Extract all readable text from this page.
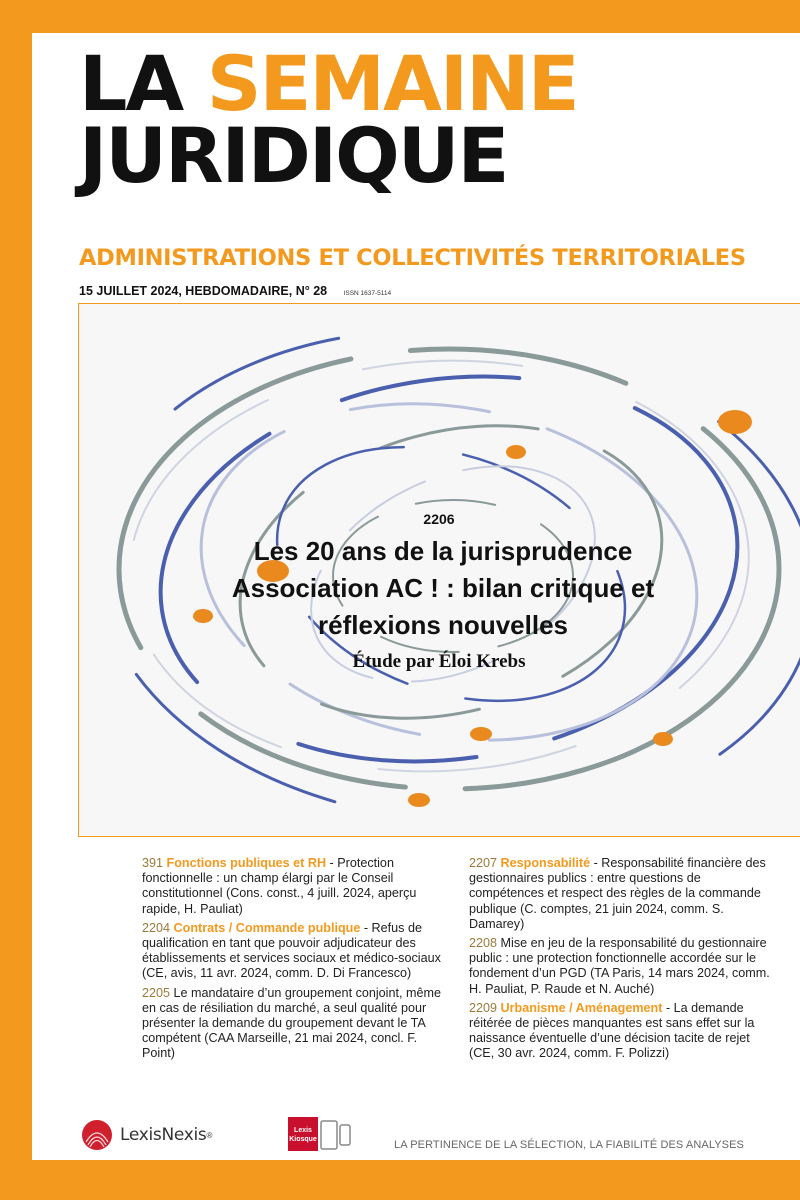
LA SEMAINE
JURIDIQUE
ADMINISTRATIONS ET COLLECTIVITÉS TERRITORIALES
15 JUILLET 2024, HEBDOMADAIRE, N° 28	ISSN 1637-5114
2206
Les 20 ans de la jurisprudence Association AC ! : bilan critique et réflexions nouvelles
Étude par Éloi Krebs
391 Fonctions publiques et RH - Protection fonctionnelle : un champ élargi par le Conseil constitutionnel (Cons. const., 4 juill. 2024, aperçu rapide, H. Pauliat)
2204 Contrats / Commande publique - Refus de qualification en tant que pouvoir adjudicateur des établissements et services sociaux et médico-sociaux (CE, avis, 11 avr. 2024, comm. D. Di Francesco)
2205 Le mandataire d’un groupement conjoint, même en cas de résiliation du marché, a seul qualité pour présenter la demande du groupement devant le TA compétent (CAA Marseille, 21 mai 2024, concl. F. Point)
2207 Responsabilité - Responsabilité financière des gestionnaires publics : entre questions de compétences et respect des règles de la commande publique (C. comptes, 21 juin 2024, comm. S. Damarey)
2208 Mise en jeu de la responsabilité du gestionnaire public : une protection fonctionnelle accordée sur le fondement d’un PGD (TA Paris, 14 mars 2024, comm. H. Pauliat, P. Raude et N. Auché)
2209 Urbanisme / Aménagement - La demande réitérée de pièces manquantes est sans effet sur la naissance éventuelle d’une décision tacite de rejet (CE, 30 avr. 2024, comm. F. Polizzi)
LexisNexis ®	Lexis
Kiosque	LA PERTINENCE DE LA SÉLECTION, LA FIABILITÉ DES ANALYSES
